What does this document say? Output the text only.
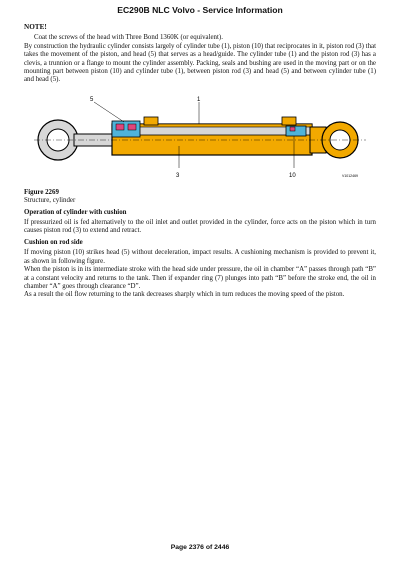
EC290B NLC Volvo - Service Information
NOTE!

Coat the screws of the head with Three Bond 1360K (or equivalent).

By construction the hydraulic cylinder consists largely of cylinder tube (1), piston (10) that reciprocates in it, piston rod (3) that takes the movement of the piston, and head (5) that serves as a head/guide. The cylinder tube (1) and the piston rod (3) has a clevis, a trunnion or a flange to mount the cylinder assembly. Packing, seals and bushing are used in the moving part or on the mounting part between piston (10) and cylinder tube (1), between piston rod (3) and head (5) and between cylinder tube (1) and head (5).

5	1
3	10	V1012469
Figure 2269
Structure, cylinder
Operation of cylinder with cushion

If pressurized oil is fed alternatively to the oil inlet and outlet provided in the cylinder, force acts on the piston which in turn causes piston rod (3) to extend and retract.

Cushion on rod side

If moving piston (10) strikes head (5) without deceleration, impact results. A cushioning mechanism is provided to prevent it, as shown in following figure.

When the piston is in its intermediate stroke with the head side under pressure, the oil in chamber “A” passes through path “B” at a constant velocity and returns to the tank. Then if expander ring (7) plunges into path “B” before the stroke end, the oil in chamber “A” goes through clearance “D”.

As a result the oil flow returning to the tank decreases sharply which in turn reduces the moving speed of the piston.

Page 2376 of 2446
